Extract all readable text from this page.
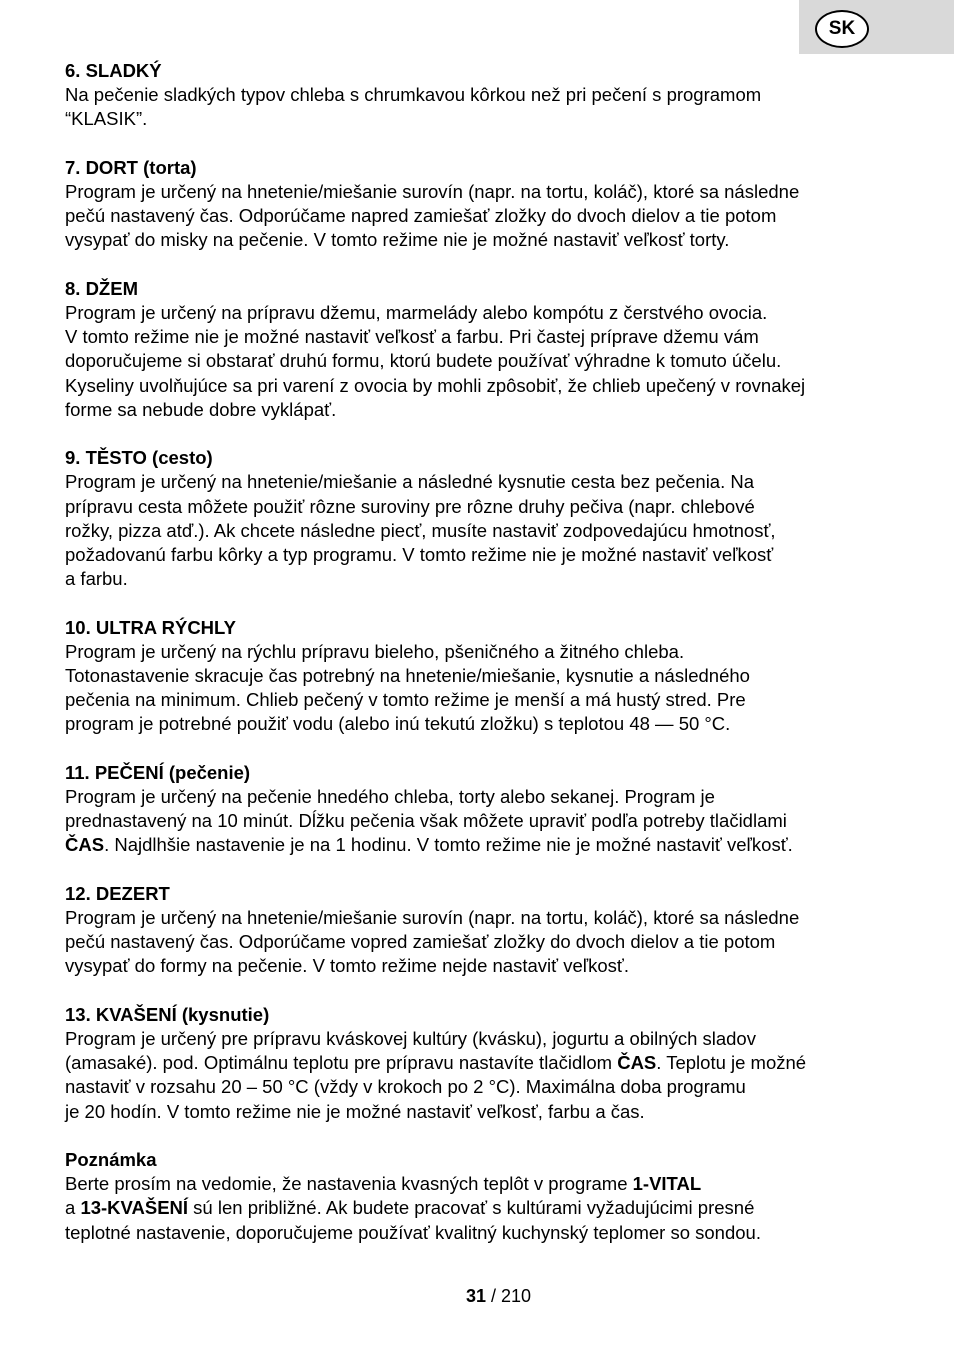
SK

6. SLADKÝ

Na pečenie sladkých typov chleba s chrumkavou kôrkou než pri pečení s programom

“KLASIK”.

7. DORT (torta)

Program je určený na hnetenie/miešanie surovín (napr. na tortu, koláč), ktoré sa následne

pečú nastavený čas. Odporúčame napred zamiešať zložky do dvoch dielov a tie potom

vysypať do misky na pečenie. V tomto režime nie je možné nastaviť veľkosť torty.

8. DŽEM

Program je určený na prípravu džemu, marmelády alebo kompótu z čerstvého ovocia.

V tomto režime nie je možné nastaviť veľkosť a farbu. Pri častej príprave džemu vám

doporučujeme si obstarať druhú formu, ktorú budete používať výhradne k tomuto účelu.

Kyseliny uvolňujúce sa pri varení z ovocia by mohli zpôsobiť, že chlieb upečený v rovnakej

forme sa nebude dobre vyklápať.

9. TĚSTO (cesto)

Program je určený na hnetenie/miešanie a následné kysnutie cesta bez pečenia. Na

prípravu cesta môžete použiť rôzne suroviny pre rôzne druhy pečiva (napr. chlebové

rožky, pizza atď.). Ak chcete následne piecť, musíte nastaviť zodpovedajúcu hmotnosť,

požadovanú farbu kôrky a typ programu. V tomto režime nie je možné nastaviť veľkosť

a farbu.

10. ULTRA RÝCHLY

Program je určený na rýchlu prípravu bieleho, pšeničného a žitného chleba.

Totonastavenie skracuje čas potrebný na hnetenie/miešanie, kysnutie a následného

pečenia na minimum. Chlieb pečený v tomto režime je menší a má hustý stred. Pre

program je potrebné použiť vodu (alebo inú tekutú zložku) s teplotou 48 — 50 °C.

11. PEČENÍ (pečenie)

Program je určený na pečenie hnedého chleba, torty alebo sekanej. Program je

prednastavený na 10 minút. Dĺžku pečenia však môžete upraviť podľa potreby tlačidlami

ČAS. Najdlhšie nastavenie je na 1 hodinu. V tomto režime nie je možné nastaviť veľkosť.

12. DEZERT

Program je určený na hnetenie/miešanie surovín (napr. na tortu, koláč), ktoré sa následne

pečú nastavený čas. Odporúčame vopred zamiešať zložky do dvoch dielov a tie potom

vysypať do formy na pečenie. V tomto režime nejde nastaviť veľkosť.

13. KVAŠENÍ (kysnutie)

Program je určený pre prípravu kváskovej kultúry (kvásku), jogurtu a obilných sladov

(amasaké). pod. Optimálnu teplotu pre prípravu nastavíte tlačidlom ČAS. Teplotu je možné

nastaviť v rozsahu 20 – 50 °C (vždy v krokoch po 2 °C). Maximálna doba programu

je 20 hodín. V tomto režime nie je možné nastaviť veľkosť, farbu a čas.

Poznámka

Berte prosím na vedomie, že nastavenia kvasných teplôt v programe 1-VITAL

a 13-KVAŠENÍ sú len približné. Ak budete pracovať s kultúrami vyžadujúcimi presné

teplotné nastavenie, doporučujeme používať kvalitný kuchynský teplomer so sondou.

31 / 210
